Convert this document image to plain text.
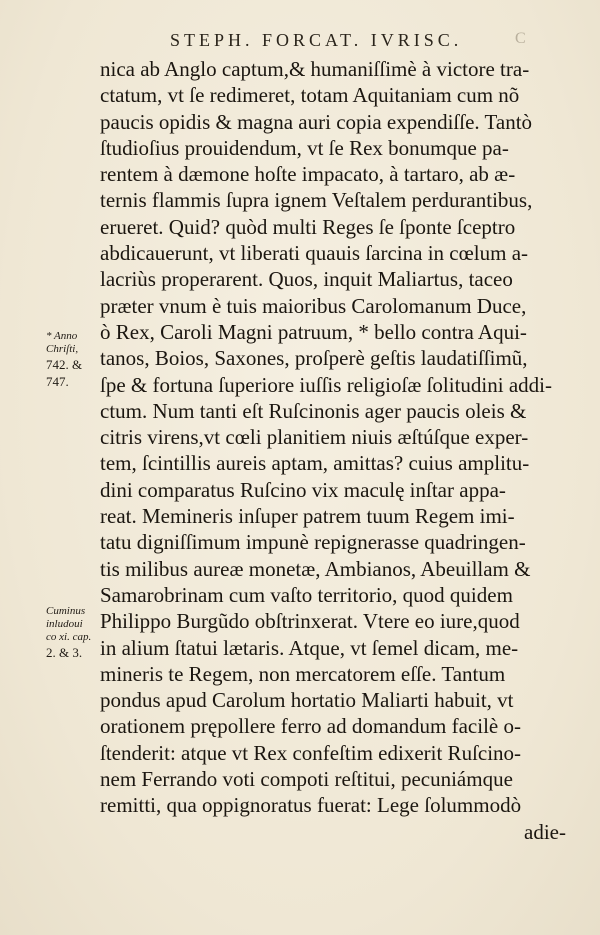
C
STEPH. FORCAT. IVRISC.
nica ab Anglo captum,& humaniſſimè à victore tra-
ctatum, vt ſe redimeret, totam Aquitaniam cum nõ
paucis opidis & magna auri copia expendiſſe. Tantò
ſtudioſius prouidendum, vt ſe Rex bonumque pa-
rentem à dæmone hoſte impacato, à tartaro, ab æ-
ternis flammis ſupra ignem Veſtalem perdurantibus,
erueret. Quid? quòd multi Reges ſe ſponte ſceptro
abdicauerunt, vt liberati quauis ſarcina in cœlum a-
lacriùs properarent. Quos, inquit Maliartus, taceo
præter vnum è tuis maioribus Carolomanum Duce,
ò Rex, Caroli Magni patruum, * bello contra Aqui-
tanos, Boios, Saxones, proſperè geſtis laudatiſſimũ,
ſpe & fortuna ſuperiore iuſſis religioſæ ſolitudini addi-
ctum. Num tanti eſt Ruſcinonis ager paucis oleis &
citris virens,vt cœli planitiem niuis æſtúſque exper-
tem, ſcintillis aureis aptam, amittas? cuius amplitu-
dini comparatus Ruſcino vix maculę inſtar appa-
reat. Memineris inſuper patrem tuum Regem imi-
tatu digniſſimum impunè repignerasse quadringen-
tis milibus aureæ monetæ, Ambianos, Abeuillam &
Samarobrinam cum vaſto territorio, quod quidem
Philippo Burgũdo obſtrinxerat. Vtere eo iure,quod
in alium ſtatui lætaris. Atque, vt ſemel dicam, me-
mineris te Regem, non mercatorem eſſe. Tantum
pondus apud Carolum hortatio Maliarti habuit, vt
orationem prępollere ferro ad domandum facilè o-
ſtenderit: atque vt Rex confeſtim edixerit Ruſcino-
nem Ferrando voti compoti reſtitui, pecuniámque
remitti, qua oppignoratus fuerat: Lege ſolummodò
adie-
* Anno
Chriſti,
742. &
747.
Cuminus
inludoui
co xi. cap.
2. & 3.
